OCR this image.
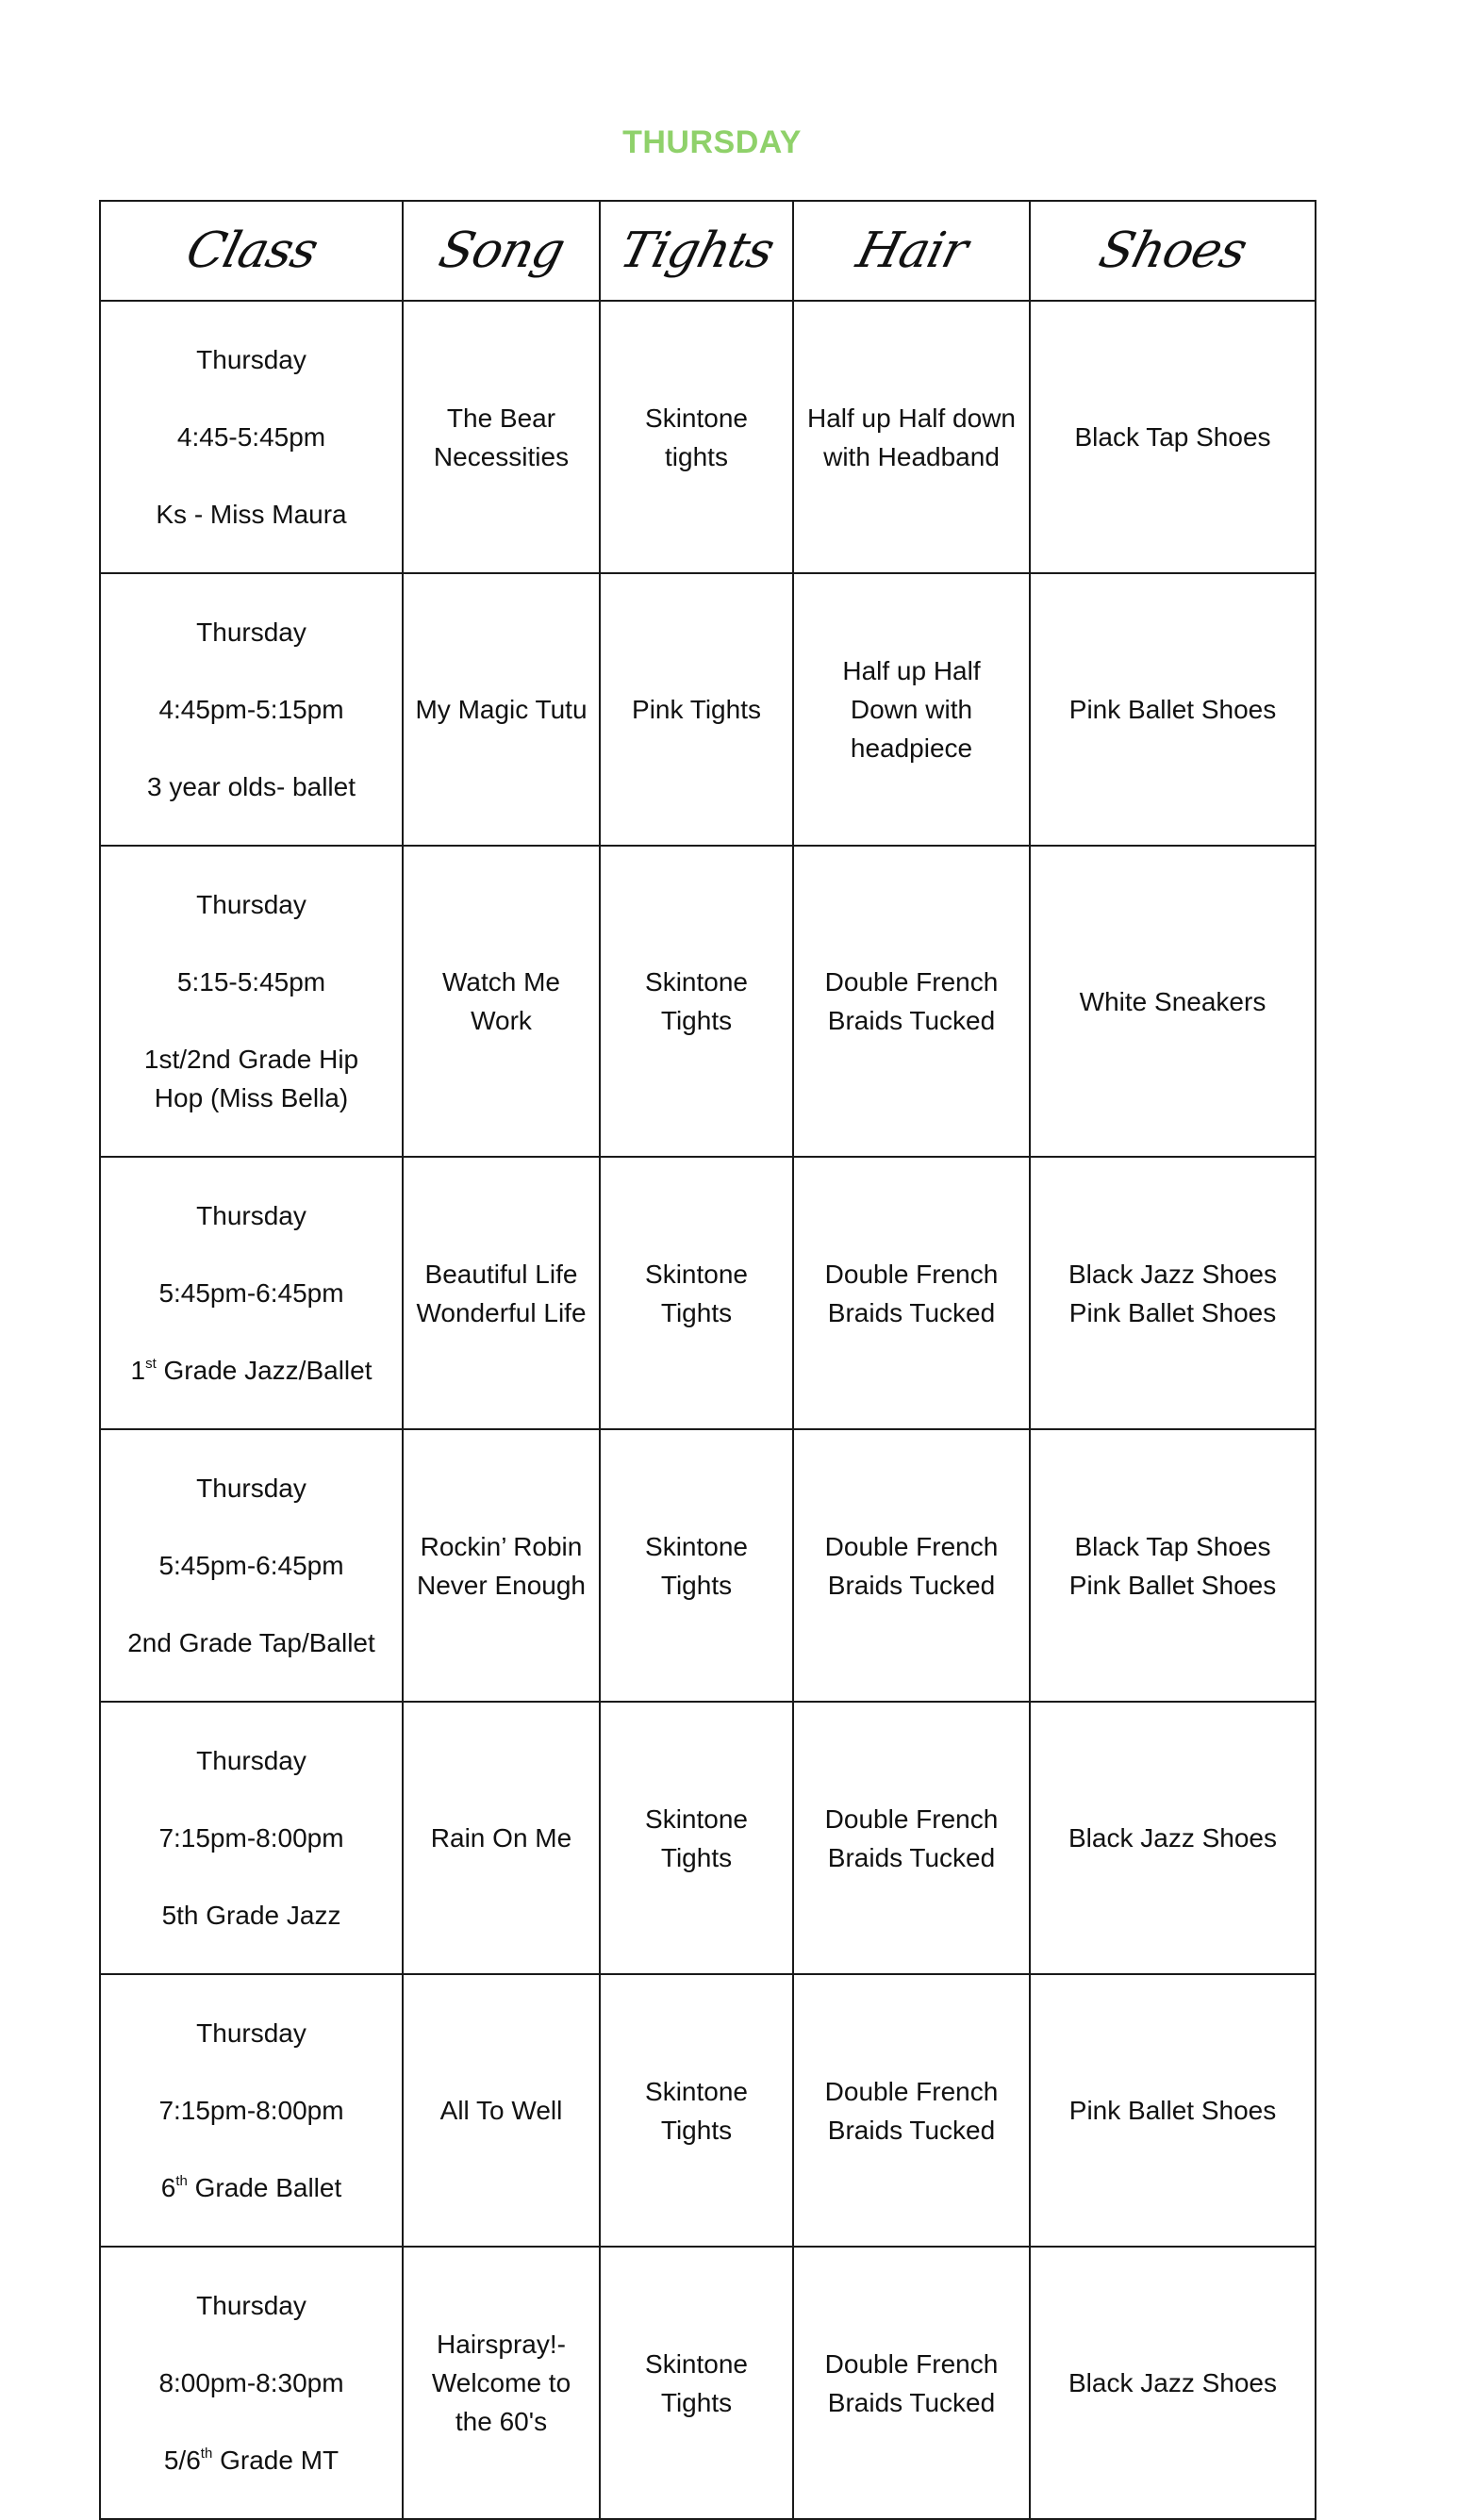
THURSDAY
Class	Song	Tights	Hair	Shoes

Thursday

4:45-5:45pm

Ks - Miss Maura	The Bear
Necessities	Skintone
tights	Half up Half down
with Headband	Black Tap Shoes

Thursday

4:45pm-5:15pm

3 year olds- ballet	My Magic Tutu	Pink Tights	Half up Half
Down with
headpiece	Pink Ballet Shoes

Thursday

5:15-5:45pm

1st/2nd Grade Hip
Hop (Miss Bella)	Watch Me
Work	Skintone
Tights	Double French
Braids Tucked	White Sneakers

Thursday

5:45pm-6:45pm

1st Grade Jazz/Ballet	Beautiful Life
Wonderful Life	Skintone
Tights	Double French
Braids Tucked	Black Jazz Shoes
Pink Ballet Shoes

Thursday

5:45pm-6:45pm

2nd Grade Tap/Ballet	Rockin’ Robin
Never Enough	Skintone
Tights	Double French
Braids Tucked	Black Tap Shoes
Pink Ballet Shoes

Thursday

7:15pm-8:00pm

5th Grade Jazz	Rain On Me	Skintone
Tights	Double French
Braids Tucked	Black Jazz Shoes

Thursday

7:15pm-8:00pm

6th Grade Ballet	All To Well	Skintone
Tights	Double French
Braids Tucked	Pink Ballet Shoes

Thursday

8:00pm-8:30pm

5/6th Grade MT	Hairspray!-
Welcome to
the 60's	Skintone
Tights	Double French
Braids Tucked	Black Jazz Shoes
